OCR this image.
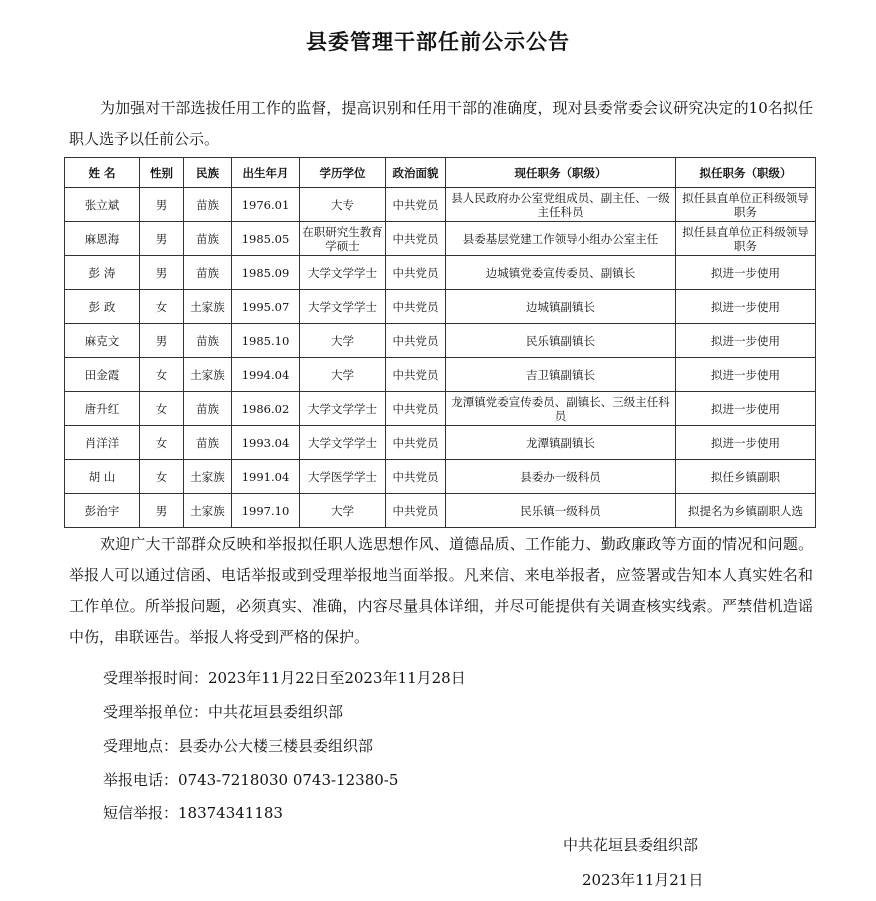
县委管理干部任前公示公告
为加强对干部选拔任用工作的监督，提高识别和任用干部的准确度，现对县委常委会议研究决定的10名拟任职人选予以任前公示。
姓 名	性别	民族	出生年月	学历学位	政治面貌	现任职务（职级）	拟任职务（职级）
张立斌	男	苗族	1976.01	大专	中共党员	县人民政府办公室党组成员、副主任、一级主任科员	拟任县直单位正科级领导职务
麻恩海	男	苗族	1985.05	在职研究生教育学硕士	中共党员	县委基层党建工作领导小组办公室主任	拟任县直单位正科级领导职务
彭 涛	男	苗族	1985.09	大学文学学士	中共党员	边城镇党委宣传委员、副镇长	拟进一步使用
彭 政	女	土家族	1995.07	大学文学学士	中共党员	边城镇副镇长	拟进一步使用
麻克文	男	苗族	1985.10	大学	中共党员	民乐镇副镇长	拟进一步使用
田金霞	女	土家族	1994.04	大学	中共党员	吉卫镇副镇长	拟进一步使用
唐升红	女	苗族	1986.02	大学文学学士	中共党员	龙潭镇党委宣传委员、副镇长、三级主任科员	拟进一步使用
肖洋洋	女	苗族	1993.04	大学文学学士	中共党员	龙潭镇副镇长	拟进一步使用
胡 山	女	土家族	1991.04	大学医学学士	中共党员	县委办一级科员	拟任乡镇副职
彭治宇	男	土家族	1997.10	大学	中共党员	民乐镇一级科员	拟提名为乡镇副职人选
欢迎广大干部群众反映和举报拟任职人选思想作风、道德品质、工作能力、勤政廉政等方面的情况和问题。举报人可以通过信函、电话举报或到受理举报地当面举报。凡来信、来电举报者，应签署或告知本人真实姓名和工作单位。所举报问题，必须真实、准确，内容尽量具体详细，并尽可能提供有关调查核实线索。严禁借机造谣中伤，串联诬告。举报人将受到严格的保护。
受理举报时间：2023年11月22日至2023年11月28日
受理举报单位：中共花垣县委组织部
受理地点：县委办公大楼三楼县委组织部
举报电话：0743-7218030 0743-12380-5
短信举报：18374341183
中共花垣县委组织部
2023年11月21日
